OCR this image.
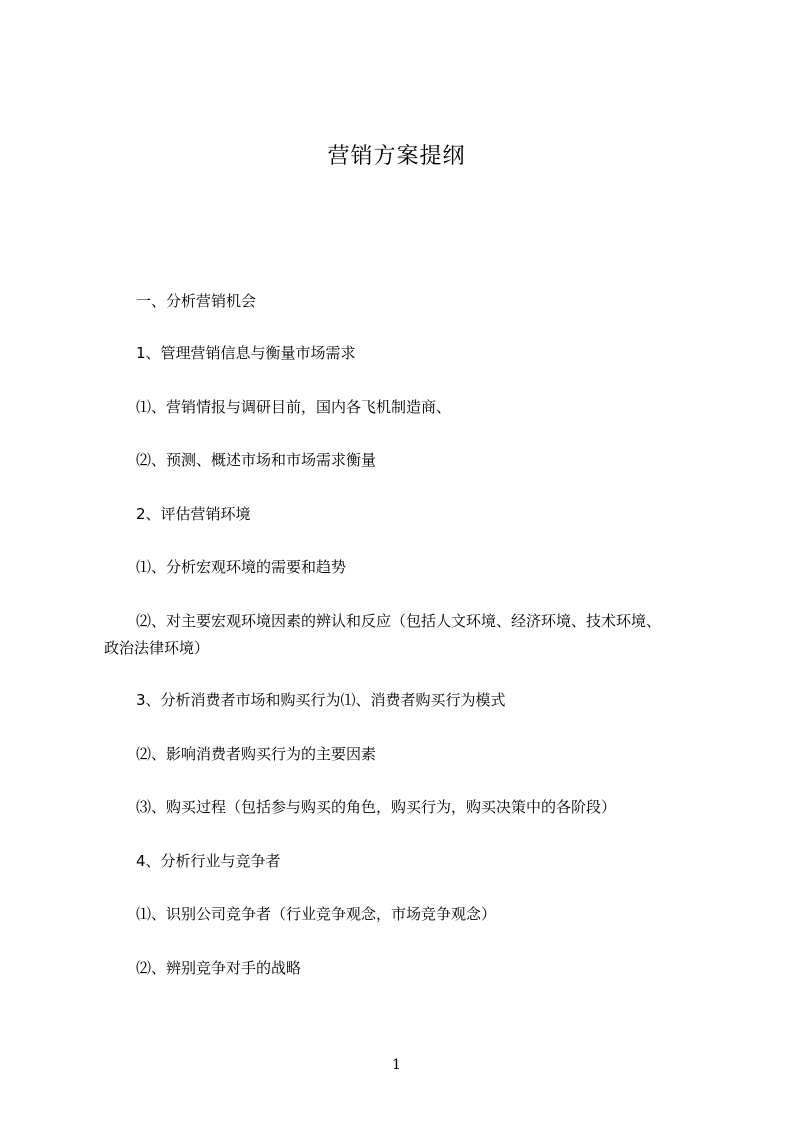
营销方案提纲
一、分析营销机会
1、管理营销信息与衡量市场需求
⑴、营销情报与调研目前，国内各飞机制造商、
⑵、预测、概述市场和市场需求衡量
2、评估营销环境
⑴、分析宏观环境的需要和趋势
⑵、对主要宏观环境因素的辨认和反应（包括人文环境、经济环境、技术环境、
政治法律环境）
3、分析消费者市场和购买行为⑴、消费者购买行为模式
⑵、影响消费者购买行为的主要因素
⑶、购买过程（包括参与购买的角色，购买行为，购买决策中的各阶段）
4、分析行业与竞争者
⑴、识别公司竞争者（行业竞争观念，市场竞争观念）
⑵、辨别竞争对手的战略
1
